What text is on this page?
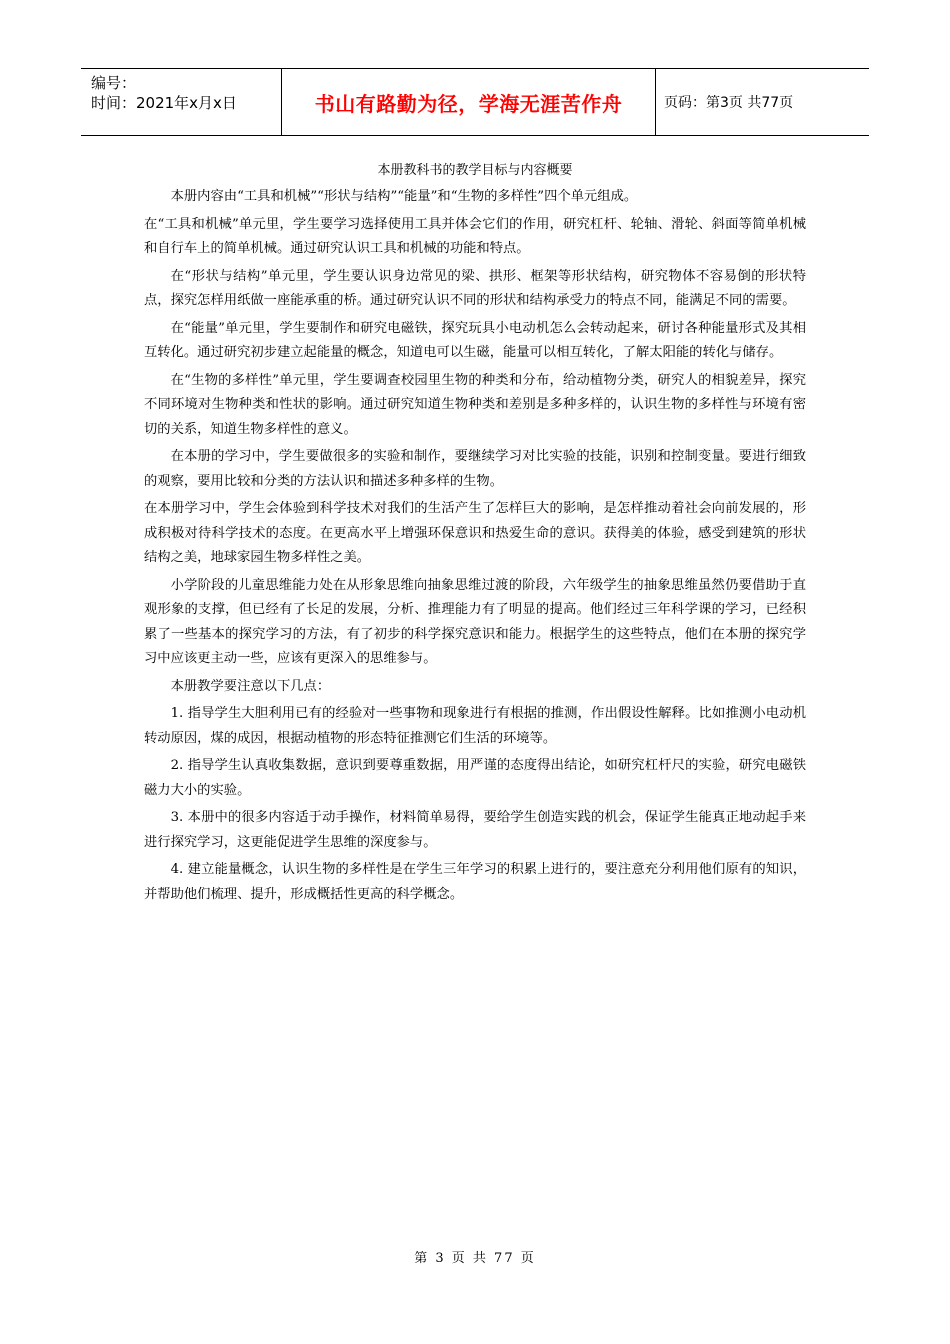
编号：
时间：2021年x月x日	书山有路勤为径，学海无涯苦作舟	页码：第3页 共77页
本册教科书的教学目标与内容概要

本册内容由“工具和机械”“形状与结构”“能量”和“生物的多样性”四个单元组成。

在“工具和机械”单元里，学生要学习选择使用工具并体会它们的作用，研究杠杆、轮轴、滑轮、斜面等简单机械和自行车上的简单机械。通过研究认识工具和机械的功能和特点。

在“形状与结构”单元里，学生要认识身边常见的梁、拱形、框架等形状结构，研究物体不容易倒的形状特点，探究怎样用纸做一座能承重的桥。通过研究认识不同的形状和结构承受力的特点不同，能满足不同的需要。

在“能量”单元里，学生要制作和研究电磁铁，探究玩具小电动机怎么会转动起来，研讨各种能量形式及其相互转化。通过研究初步建立起能量的概念，知道电可以生磁，能量可以相互转化，了解太阳能的转化与储存。

在“生物的多样性”单元里，学生要调查校园里生物的种类和分布，给动植物分类，研究人的相貌差异，探究不同环境对生物种类和性状的影响。通过研究知道生物种类和差别是多种多样的，认识生物的多样性与环境有密切的关系，知道生物多样性的意义。

在本册的学习中，学生要做很多的实验和制作，要继续学习对比实验的技能，识别和控制变量。要进行细致的观察，要用比较和分类的方法认识和描述多种多样的生物。

在本册学习中，学生会体验到科学技术对我们的生活产生了怎样巨大的影响，是怎样推动着社会向前发展的，形成积极对待科学技术的态度。在更高水平上增强环保意识和热爱生命的意识。获得美的体验，感受到建筑的形状结构之美，地球家园生物多样性之美。

小学阶段的儿童思维能力处在从形象思维向抽象思维过渡的阶段，六年级学生的抽象思维虽然仍要借助于直观形象的支撑，但已经有了长足的发展，分析、推理能力有了明显的提高。他们经过三年科学课的学习，已经积累了一些基本的探究学习的方法，有了初步的科学探究意识和能力。根据学生的这些特点，他们在本册的探究学习中应该更主动一些，应该有更深入的思维参与。

本册教学要注意以下几点：

1. 指导学生大胆利用已有的经验对一些事物和现象进行有根据的推测，作出假设性解释。比如推测小电动机转动原因，煤的成因，根据动植物的形态特征推测它们生活的环境等。

2. 指导学生认真收集数据，意识到要尊重数据，用严谨的态度得出结论，如研究杠杆尺的实验，研究电磁铁磁力大小的实验。

3. 本册中的很多内容适于动手操作，材料简单易得，要给学生创造实践的机会，保证学生能真正地动起手来进行探究学习，这更能促进学生思维的深度参与。

4. 建立能量概念，认识生物的多样性是在学生三年学习的积累上进行的，要注意充分利用他们原有的知识，并帮助他们梳理、提升，形成概括性更高的科学概念。

第 3 页 共 77 页
